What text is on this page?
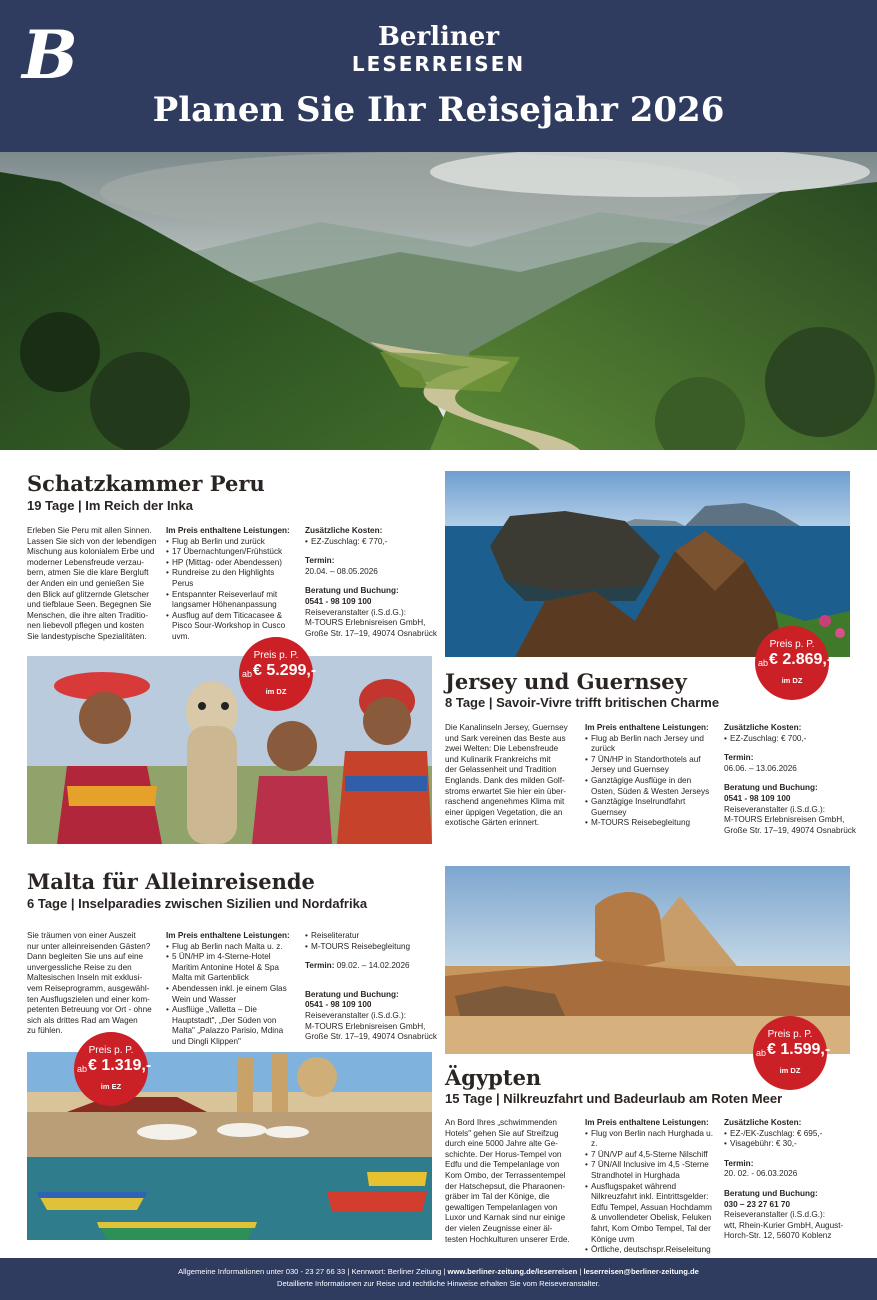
B	Berliner
LESERREISEN
Planen Sie Ihr Reisejahr 2026
Schatzkammer Peru
19 Tage | Im Reich der Inka

Erleben Sie Peru mit allen Sinnen.

Lassen Sie sich von der lebendigen

Mischung aus kolonialem Erbe und

moderner Lebensfreude verzau-

bern, atmen Sie die klare Bergluft

der Anden ein und genießen Sie

den Blick auf glitzernde Gletscher

und tiefblaue Seen. Begegnen Sie

Menschen, die ihre alten Traditio-

nen liebevoll pflegen und kosten

Sie landestypische Spezialitäten.

Im Preis enthaltene Leistungen:

• Flug ab Berlin und zurück
• 17 Übernachtungen/Frühstück
• HP (Mittag- oder Abendessen)
• Rundreise zu den Highlights Perus
• Entspannter Reiseverlauf mit langsamer Höhenanpassung
• Ausflug auf dem Titicacasee & Pisco Sour-Workshop in Cusco uvm.

Zusätzliche Kosten:

• EZ-Zuschlag: € 770,-

Termin:

20.04. – 08.05.2026

Beratung und Buchung:

0541 - 98 109 100

Reiseveranstalter (i.S.d.G.):

M-TOURS Erlebnisreisen GmbH,

Große Str. 17–19, 49074 Osnabrück

Preis p. P.
ab € 5.299,-
im DZ
Preis p. P.
ab € 2.869,-
im DZ
Jersey und Guernsey
8 Tage | Savoir-Vivre trifft britischen Charme

Die Kanalinseln Jersey, Guernsey

und Sark vereinen das Beste aus

zwei Welten: Die Lebensfreude

und Kulinarik Frankreichs mit

der Gelassenheit und Tradition

Englands. Dank des milden Golf-

stroms erwartet Sie hier ein über-

raschend angenehmes Klima mit

einer üppigen Vegetation, die an

exotische Gärten erinnert.

Im Preis enthaltene Leistungen:

• Flug ab Berlin nach Jersey und zurück
• 7 ÜN/HP in Standorthotels auf Jersey und Guernsey
• Ganztägige Ausflüge in den Osten, Süden & Westen Jerseys
• Ganztägige Inselrundfahrt Guernsey
• M-TOURS Reisebegleitung

Zusätzliche Kosten:

• EZ-Zuschlag: € 700,-

Termin:

06.06. – 13.06.2026

Beratung und Buchung:

0541 - 98 109 100

Reiseveranstalter (i.S.d.G.):

M-TOURS Erlebnisreisen GmbH,

Große Str. 17–19, 49074 Osnabrück

Malta für Alleinreisende
6 Tage | Inselparadies zwischen Sizilien und Nordafrika

Sie träumen von einer Auszeit

nur unter alleinreisenden Gästen?

Dann begleiten Sie uns auf eine

unvergessliche Reise zu den

Maltesischen Inseln mit exklusi-

vem Reiseprogramm, ausgewähl-

ten Ausflugszielen und einer kom-

petenten Betreuung vor Ort - ohne

sich als drittes Rad am Wagen

zu fühlen.

Im Preis enthaltene Leistungen:

• Flug ab Berlin nach Malta u. z.
• 5 ÜN/HP im 4-Sterne-Hotel Maritim Antonine Hotel & Spa Malta mit Gartenblick
• Abendessen inkl. je einem Glas Wein und Wasser
• Ausflüge „Valletta – Die Hauptstadt", „Der Süden von Malta" „Palazzo Parisio, Mdina und Dingli Klippen"
• Reiseliteratur
• M-TOURS Reisebegleitung

Termin: 09.02. – 14.02.2026

Beratung und Buchung:

0541 - 98 109 100

Reiseveranstalter (i.S.d.G.):

M-TOURS Erlebnisreisen GmbH,

Große Str. 17–19, 49074 Osnabrück

Preis p. P.
ab € 1.319,-
im EZ
Preis p. P.
ab € 1.599,-
im DZ
Ägypten
15 Tage | Nilkreuzfahrt und Badeurlaub am Roten Meer

An Bord Ihres „schwimmenden

Hotels" gehen Sie auf Streifzug

durch eine 5000 Jahre alte Ge-

schichte. Der Horus-Tempel von

Edfu und die Tempelanlage von

Kom Ombo, der Terrassentempel

der Hatschepsut, die Pharaonen-

gräber im Tal der Könige, die

gewaltigen Tempelanlagen von

Luxor und Karnak sind nur einige

der vielen Zeugnisse einer äl-

testen Hochkulturen unserer Erde.

Im Preis enthaltene Leistungen:

• Flug von Berlin nach Hurghada u. z.
• 7 ÜN/VP auf 4,5-Sterne Nilschiff
• 7 ÜN/All Inclusive im 4,5 -Sterne Strandhotel in Hurghada
• Ausflugspaket während Nilkreuzfahrt inkl. Eintrittsgelder: Edfu Tempel, Assuan Hochdamm & unvollendeter Obelisk, Feluken fahrt, Kom Ombo Tempel, Tal der Könige uvm
• Örtliche, deutschspr.Reiseleitung

Zusätzliche Kosten:

• EZ-/EK-Zuschlag: € 695,-
• Visagebühr: € 30,-

Termin:

20. 02. - 06.03.2026

Beratung und Buchung:

030 – 23 27 61 70

Reiseveranstalter (i.S.d.G.):

wtt, Rhein-Kurier GmbH, August-

Horch-Str. 12, 56070 Koblenz

Allgemeine Informationen unter 030 - 23 27 66 33 | Kennwort: Berliner Zeitung | www.berliner-zeitung.de/leserreisen | leserreisen@berliner-zeitung.de
Detaillierte Informationen zur Reise und rechtliche Hinweise erhalten Sie vom Reiseveranstalter.
